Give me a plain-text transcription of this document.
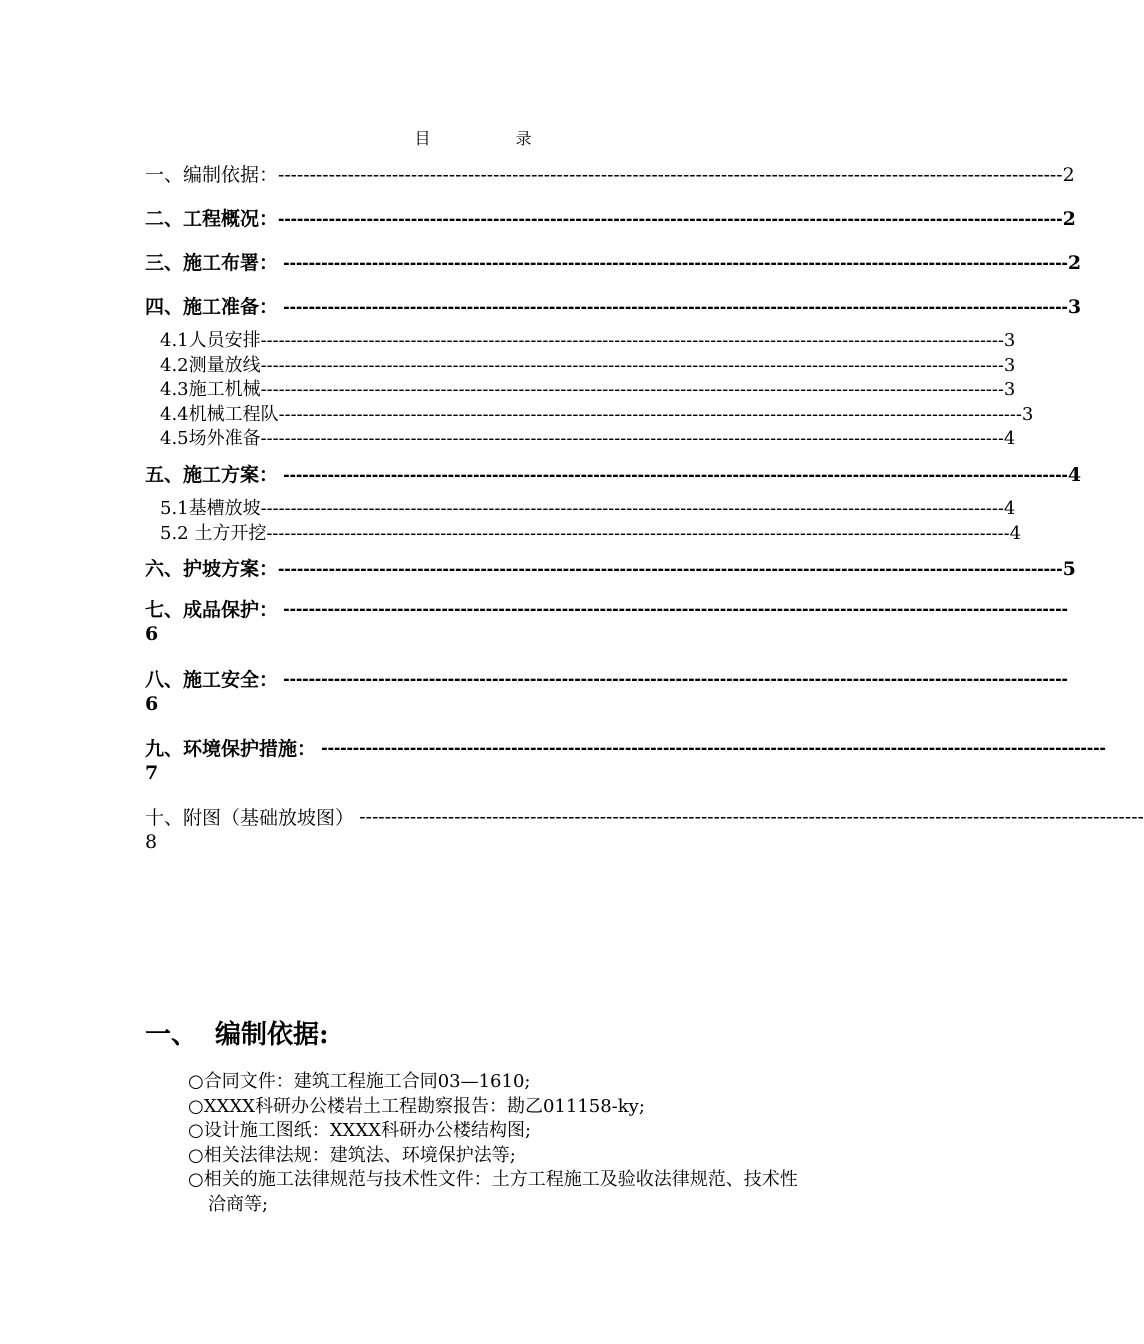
目 录
一、编制依据： ---------------------------------------------------------------------------------------------------------------------------- 2
二、工程概况： ---------------------------------------------------------------------------------------------------------------------------- 2
三、施工布署： ---------------------------------------------------------------------------------------------------------------------------- 2
四、施工准备： ---------------------------------------------------------------------------------------------------------------------------- 3
4.1人员安排 ---------------------------------------------------------------------------------------------------------------------------- 3
4.2测量放线 ---------------------------------------------------------------------------------------------------------------------------- 3
4.3施工机械 ---------------------------------------------------------------------------------------------------------------------------- 3
4.4机械工程队 ---------------------------------------------------------------------------------------------------------------------------- 3
4.5场外准备 ---------------------------------------------------------------------------------------------------------------------------- 4
五、施工方案： ---------------------------------------------------------------------------------------------------------------------------- 4
5.1基槽放坡 ---------------------------------------------------------------------------------------------------------------------------- 4
5.2 土方开挖 ---------------------------------------------------------------------------------------------------------------------------- 4
六、护坡方案： ---------------------------------------------------------------------------------------------------------------------------- 5
七、成品保护： ----------------------------------------------------------------------------------------------------------------------------
6
八、施工安全： ----------------------------------------------------------------------------------------------------------------------------
6
九、环境保护措施： ----------------------------------------------------------------------------------------------------------------------------
7
十、附图（基础放坡图） ----------------------------------------------------------------------------------------------------------------------------
8
一、 编制依据:
○合同文件：建筑工程施工合同03—1610;
○XXXX科研办公楼岩土工程勘察报告：勘乙011158-ky;
○设计施工图纸：XXXX科研办公楼结构图;
○相关法律法规：建筑法、环境保护法等;
○相关的施工法律规范与技术性文件：土方工程施工及验收法律规范、技术性洽商等;
